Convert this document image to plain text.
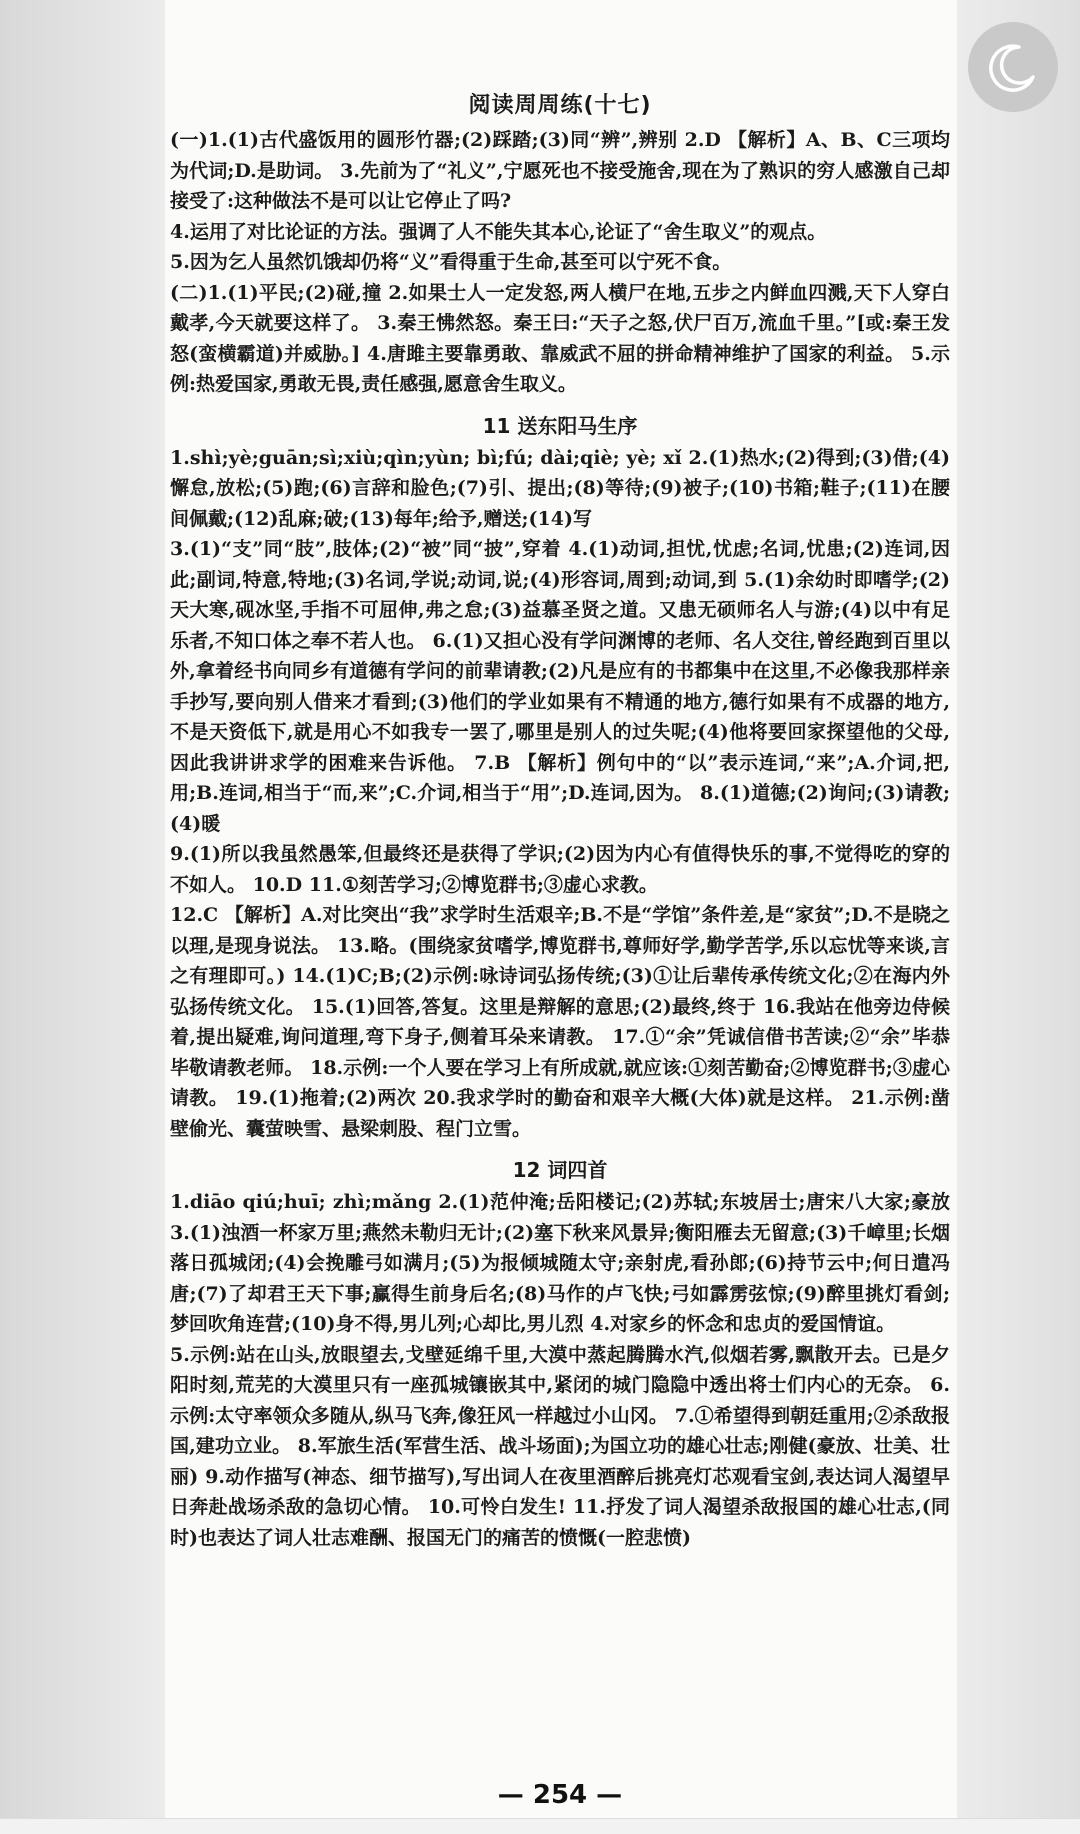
阅读周周练(十七)

(一)1.(1)古代盛饭用的圆形竹器;(2)踩踏;(3)同“辨”,辨别 2.D 【解析】A、B、C三项均为代词;D.是助词。 3.先前为了“礼义”,宁愿死也不接受施舍,现在为了熟识的穷人感激自己却接受了:这种做法不是可以让它停止了吗?

4.运用了对比论证的方法。强调了人不能失其本心,论证了“舍生取义”的观点。

5.因为乞人虽然饥饿却仍将“义”看得重于生命,甚至可以宁死不食。

(二)1.(1)平民;(2)碰,撞 2.如果士人一定发怒,两人横尸在地,五步之内鲜血四溅,天下人穿白戴孝,今天就要这样了。 3.秦王怫然怒。秦王曰:“天子之怒,伏尸百万,流血千里。”[或:秦王发怒(蛮横霸道)并威胁。] 4.唐雎主要靠勇敢、靠威武不屈的拼命精神维护了国家的利益。 5.示例:热爱国家,勇敢无畏,责任感强,愿意舍生取义。

11 送东阳马生序

1.shì;yè;guān;sì;xiù;qìn;yùn; bì;fú; dài;qiè; yè; xǐ 2.(1)热水;(2)得到;(3)借;(4)懈怠,放松;(5)跑;(6)言辞和脸色;(7)引、提出;(8)等待;(9)被子;(10)书箱;鞋子;(11)在腰间佩戴;(12)乱麻;破;(13)每年;给予,赠送;(14)写

3.(1)“支”同“肢”,肢体;(2)“被”同“披”,穿着 4.(1)动词,担忧,忧虑;名词,忧患;(2)连词,因此;副词,特意,特地;(3)名词,学说;动词,说;(4)形容词,周到;动词,到 5.(1)余幼时即嗜学;(2)天大寒,砚冰坚,手指不可屈伸,弗之怠;(3)益慕圣贤之道。又患无硕师名人与游;(4)以中有足乐者,不知口体之奉不若人也。 6.(1)又担心没有学问渊博的老师、名人交往,曾经跑到百里以外,拿着经书向同乡有道德有学问的前辈请教;(2)凡是应有的书都集中在这里,不必像我那样亲手抄写,要向别人借来才看到;(3)他们的学业如果有不精通的地方,德行如果有不成器的地方,不是天资低下,就是用心不如我专一罢了,哪里是别人的过失呢;(4)他将要回家探望他的父母,因此我讲讲求学的困难来告诉他。 7.B 【解析】例句中的“以”表示连词,“来”;A.介词,把,用;B.连词,相当于“而,来”;C.介词,相当于“用”;D.连词,因为。 8.(1)道德;(2)询问;(3)请教;(4)暖

9.(1)所以我虽然愚笨,但最终还是获得了学识;(2)因为内心有值得快乐的事,不觉得吃的穿的不如人。 10.D 11.①刻苦学习;②博览群书;③虚心求教。

12.C 【解析】A.对比突出“我”求学时生活艰辛;B.不是“学馆”条件差,是“家贫”;D.不是晓之以理,是现身说法。 13.略。(围绕家贫嗜学,博览群书,尊师好学,勤学苦学,乐以忘忧等来谈,言之有理即可。) 14.(1)C;B;(2)示例:咏诗词弘扬传统;(3)①让后辈传承传统文化;②在海内外弘扬传统文化。 15.(1)回答,答复。这里是辩解的意思;(2)最终,终于 16.我站在他旁边侍候着,提出疑难,询问道理,弯下身子,侧着耳朵来请教。 17.①“余”凭诚信借书苦读;②“余”毕恭毕敬请教老师。 18.示例:一个人要在学习上有所成就,就应该:①刻苦勤奋;②博览群书;③虚心请教。 19.(1)拖着;(2)两次 20.我求学时的勤奋和艰辛大概(大体)就是这样。 21.示例:凿壁偷光、囊萤映雪、悬梁刺股、程门立雪。

12 词四首

1.diāo qiú;huī; zhì;mǎng 2.(1)范仲淹;岳阳楼记;(2)苏轼;东坡居士;唐宋八大家;豪放 3.(1)浊酒一杯家万里;燕然未勒归无计;(2)塞下秋来风景异;衡阳雁去无留意;(3)千嶂里;长烟落日孤城闭;(4)会挽雕弓如满月;(5)为报倾城随太守;亲射虎,看孙郎;(6)持节云中;何日遣冯唐;(7)了却君王天下事;赢得生前身后名;(8)马作的卢飞快;弓如霹雳弦惊;(9)醉里挑灯看剑;梦回吹角连营;(10)身不得,男儿列;心却比,男儿烈 4.对家乡的怀念和忠贞的爱国情谊。

5.示例:站在山头,放眼望去,戈壁延绵千里,大漠中蒸起腾腾水汽,似烟若雾,飘散开去。已是夕阳时刻,荒芜的大漠里只有一座孤城镶嵌其中,紧闭的城门隐隐中透出将士们内心的无奈。 6.示例:太守率领众多随从,纵马飞奔,像狂风一样越过小山冈。 7.①希望得到朝廷重用;②杀敌报国,建功立业。 8.军旅生活(军营生活、战斗场面);为国立功的雄心壮志;刚健(豪放、壮美、壮丽) 9.动作描写(神态、细节描写),写出词人在夜里酒醉后挑亮灯芯观看宝剑,表达词人渴望早日奔赴战场杀敌的急切心情。 10.可怜白发生! 11.抒发了词人渴望杀敌报国的雄心壮志,(同时)也表达了词人壮志难酬、报国无门的痛苦的愤慨(一腔悲愤)

— 254 —
